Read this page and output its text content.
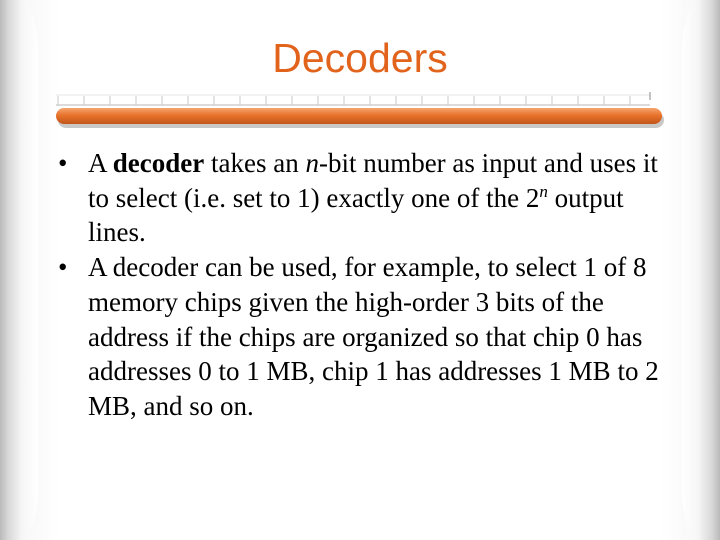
Decoders
• A decoder takes an n-bit number as input and uses it to select (i.e. set to 1) exactly one of the 2$^n$ output lines.
• A decoder can be used, for example, to select 1 of 8 memory chips given the high-order 3 bits of the address if the chips are organized so that chip 0 has addresses 0 to 1 MB, chip 1 has addresses 1 MB to 2 MB, and so on.
